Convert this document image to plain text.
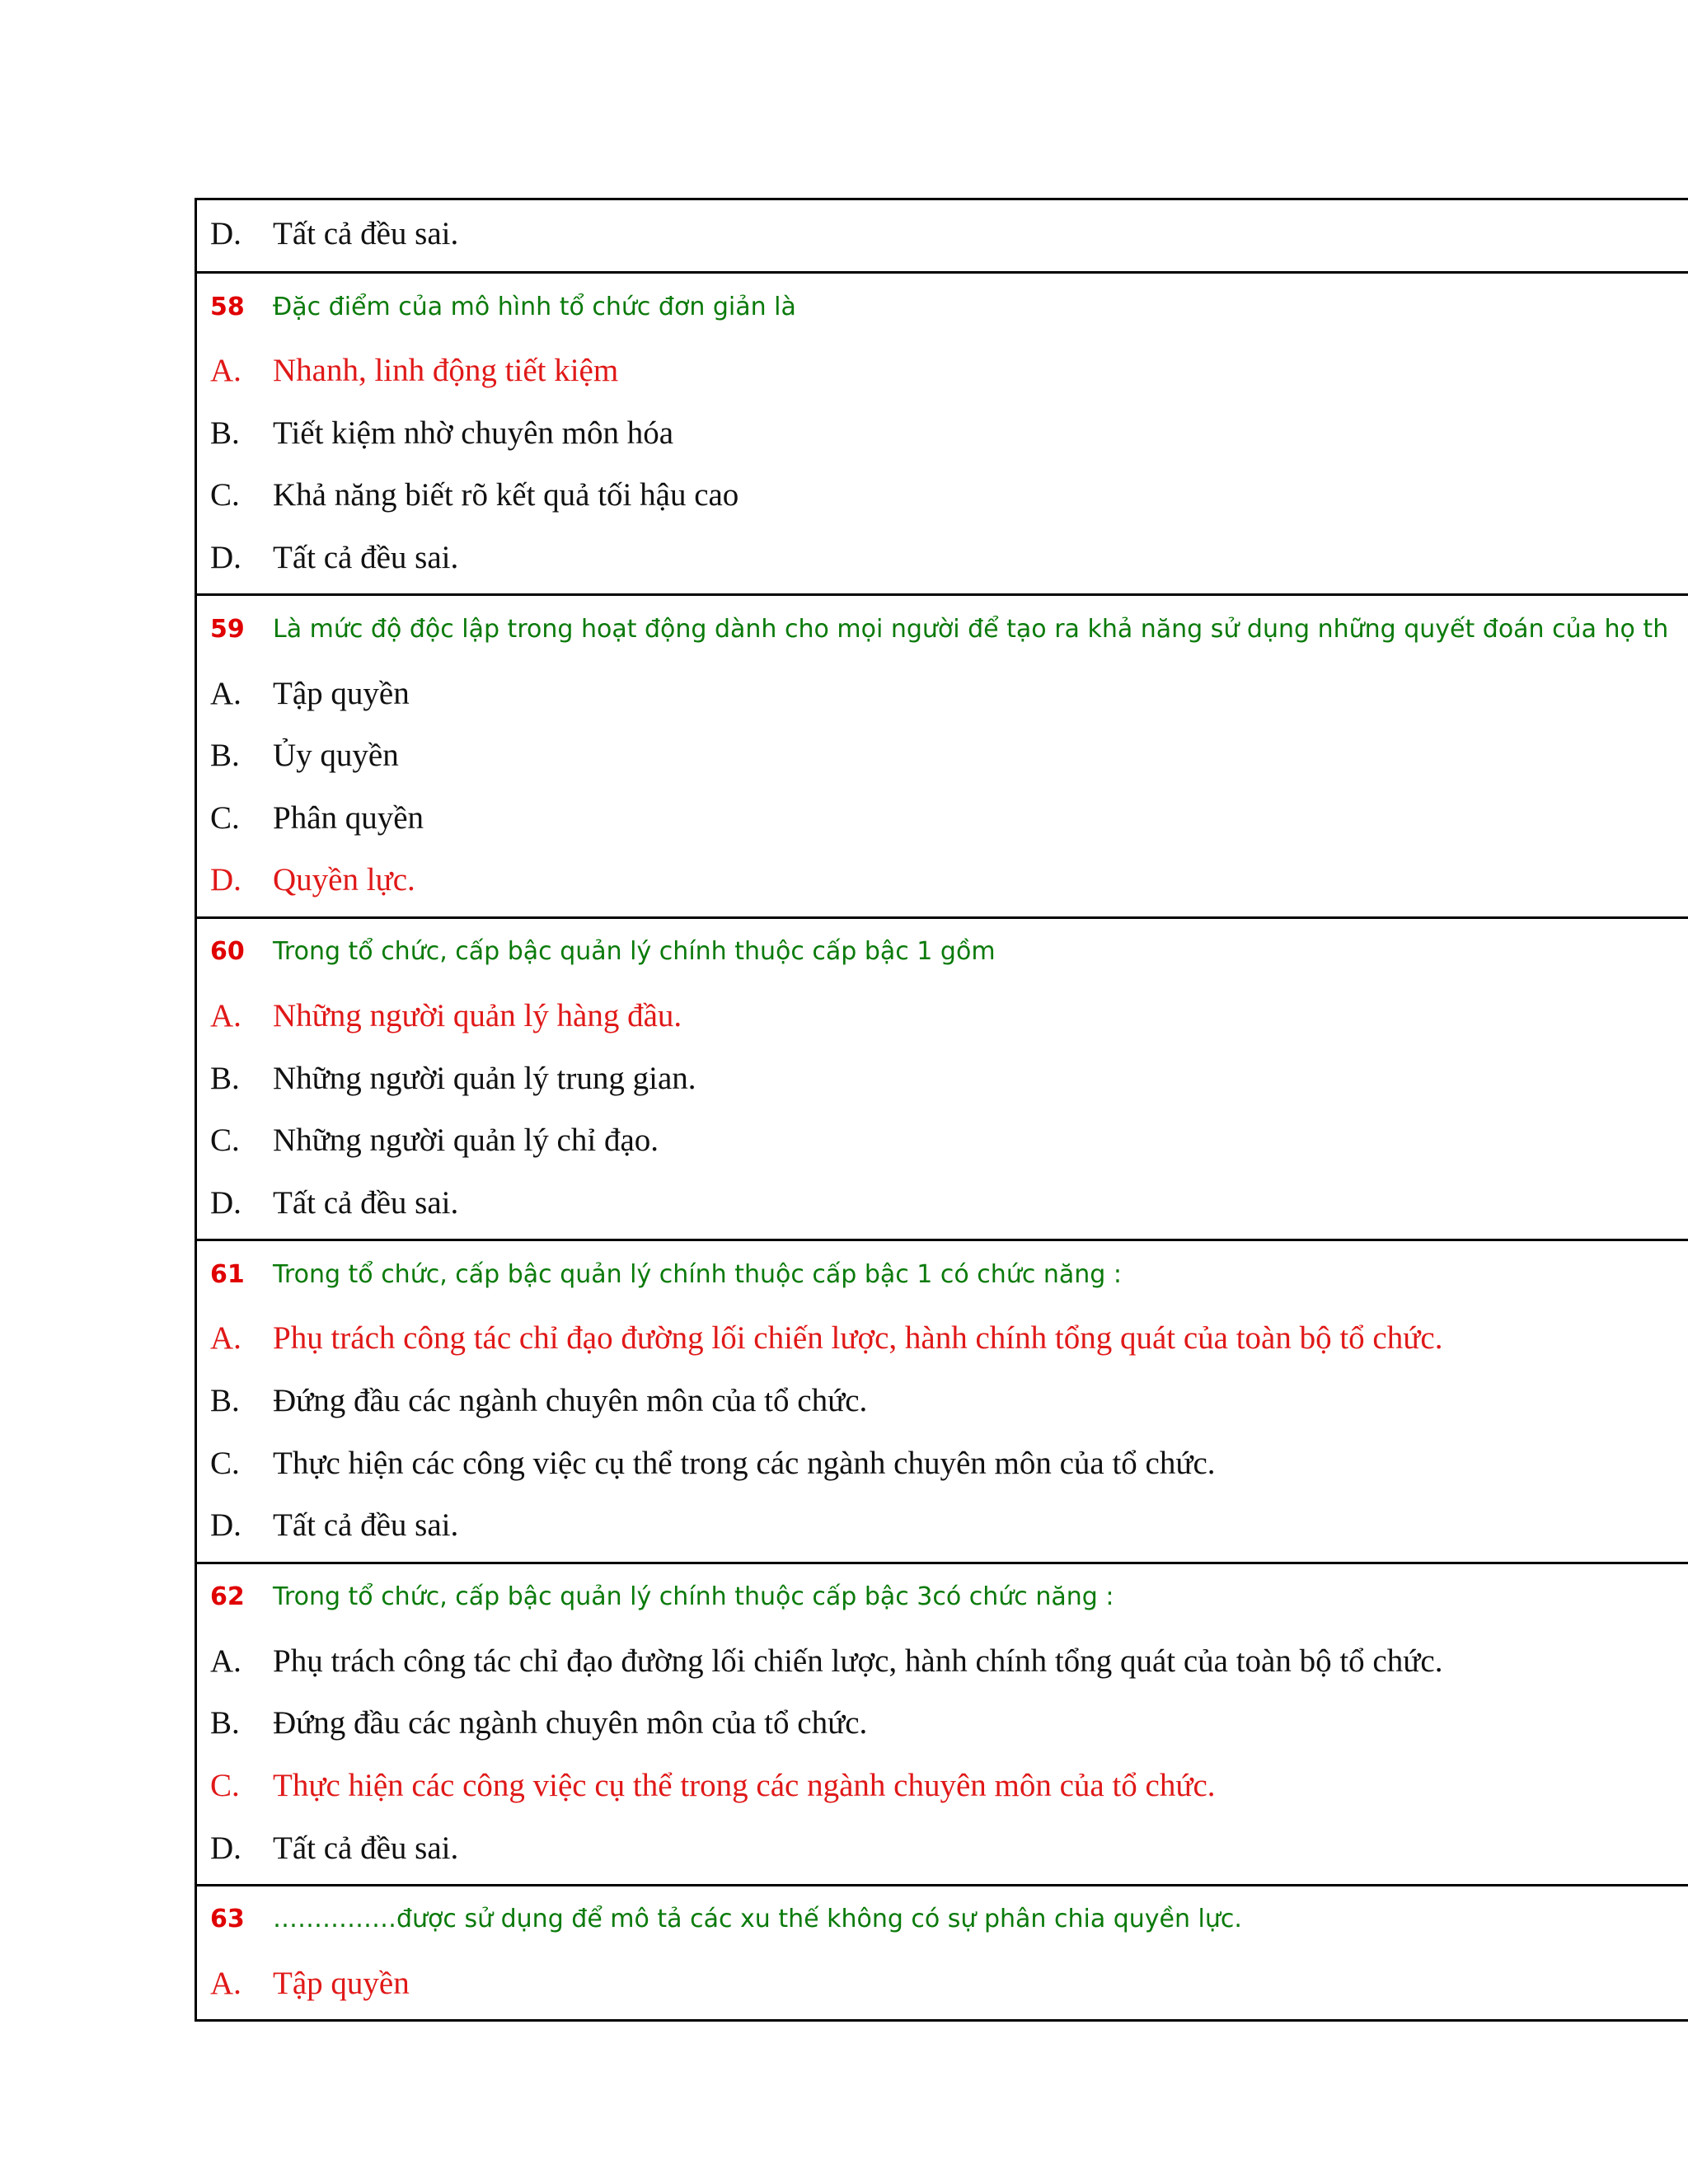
D. Tất cả đều sai.
58	Đặc điểm của mô hình tổ chức đơn giản là
A. Nhanh, linh động tiết kiệm
B.	Tiết kiệm nhờ chuyên môn hóa
C.	Khả năng biết rõ kết quả tối hậu cao
D. Tất cả đều sai.
59	Là mức độ độc lập trong hoạt động dành cho mọi người để tạo ra khả năng sử dụng những quyết đoán của họ th
A. Tập quyền
B.	Ủy quyền
C.	Phân quyền
D. Quyền lực.
60	Trong tổ chức, cấp bậc quản lý chính thuộc cấp bậc 1 gồm
A. Những người quản lý hàng đầu.
B.	Những người quản lý trung gian.
C.	Những người quản lý chỉ đạo.
D. Tất cả đều sai.
61	Trong tổ chức, cấp bậc quản lý chính thuộc cấp bậc 1 có chức năng :
A. Phụ trách công tác chỉ đạo đường lối chiến lược, hành chính tổng quát của toàn bộ tổ chức.
B.	Đứng đầu các ngành chuyên môn của tổ chức.
C.	Thực hiện các công việc cụ thể trong các ngành chuyên môn của tổ chức.
D. Tất cả đều sai.
62	Trong tổ chức, cấp bậc quản lý chính thuộc cấp bậc 3có chức năng :
A. Phụ trách công tác chỉ đạo đường lối chiến lược, hành chính tổng quát của toàn bộ tổ chức.
B.	Đứng đầu các ngành chuyên môn của tổ chức.
C.	Thực hiện các công việc cụ thể trong các ngành chuyên môn của tổ chức.
D. Tất cả đều sai.
63	……………được sử dụng để mô tả các xu thế không có sự phân chia quyền lực.
A. Tập quyền
